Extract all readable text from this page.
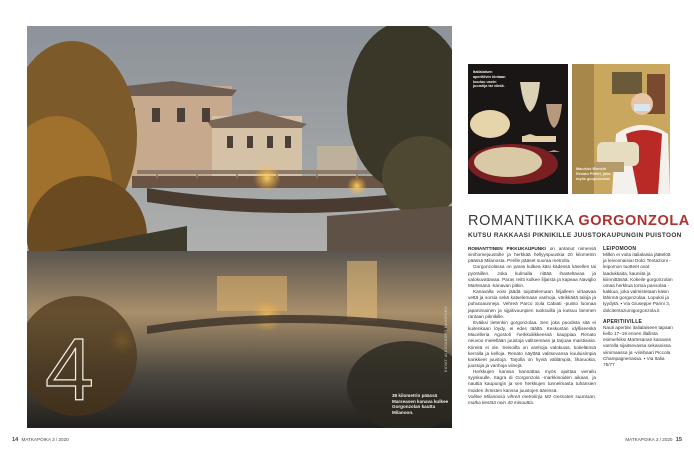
4	38 kilometrin päässä Marseasen kanava kulkee Gorgonzolan kautta Milanoon.
KUVAT: ALESSANDRO MAIORANO
Italialaisen aperitiivin hintaan kuuluu usein juomiija tai viiniä.
Maurizio Bianchi Renato Pifferi, joka myös gorgonzolaa.
ROMANTIIKKA GORGONZOLA
KUTSU RAKKAASI PIKNIKILLE JUUSTOKAUPUNGIN PUISTOON

ROMANTTINEN PIKKUKAUPUNKI on antanut nimensä sinihomejuustolle ja herkkää hellyyspuuskia 20 kilometrin päässä Milanosta. Perille pääset suoraa metrolla.

Gorgonzolassa on paras kulkea käsi kädessä kävellen tai pyöräillen. Joka kulmalla riittää ihasteltavaa ja valokuvattavaa. Paras reitti kulkee liljaista ja kapeaa Naviglio Martesana -kanavan pitkin.

Kanavalla voisi jäädä tuijottelemaan hiljalleen virtaavaa vettä ja sorsia sekä katselemaan vanhoja, värikkäitä taloja ja puhutoaunneja. Vehreä Parco Sola Cabiati -puisto luomaa japanimainen ja sijpitivuunpien tuoksuilla ja kutsuu lammen rantaan piknikille.

Eväiksi tietenkin gorgonzolaa. Sen joka puodista sitä ei kuitenkaan löydy, ei edes täältä. Keskustan idylliseeskä Macelleria Agostoli -herkkuliikkeessä kauppiaa Renato neuvoo mielellään juustoja valitsemaan ja tarjoaa maistiaisia. Kiireitä ei ole. Seisoilla on vanhoja valokuvia, kotieläimiä kerralla ja kelloja. Renato näyttää valitsevansa kuuluisimpia kankkeet juustoja. Tarjolla on hyviä välilämpiä, liharuokia, juustoja ja vanhoja viinejä.

Herkkujen kanssa kannattaa myös ajoittaa vierailu syyskuulle, Sagra di Gorgonzola -markkinoiden aikaan, ja nauttia kaupungin ja sen herkkujen tunnelmasta tuhansien muiden ihmisten kanssa juustojen ääressä.

Valitse Milanossa vihreä metrolinja M2 Gessaten suuntaan, matka kestää noin 40 minuuttia.

LEIPOMOON

Milkin ei voita italialaisia jäätelöä ja leivonnaisia! Dolci Tentazioni -leipomon tuotteet ovat laadukkaita, kauniita ja kiiinnittävää. Kokeile gorgonzolan omaa herkkua tortoa pansolaa - kakkua, joka valmistetaan käsin lähinnä gorgonzolaa. Lopuksi ja tyydytä. ▪ Via Giuseppe Parini 3, dolcitentazionigorgonzola.it

APERITIIVILLE

Nauti apertiivi italialaiseen tapaan kello 17–19 ennen illallista esimerkiksi Martesanan kanavan varrella sijaitsevassa sekasoissa viinimaassa ja -viinibaari Piccola Champagneriassa. ▪ Via Italia 75/77

14 MATKAPOIKA 3 / 2020	MATKAPOIKA 3 / 2020 15
